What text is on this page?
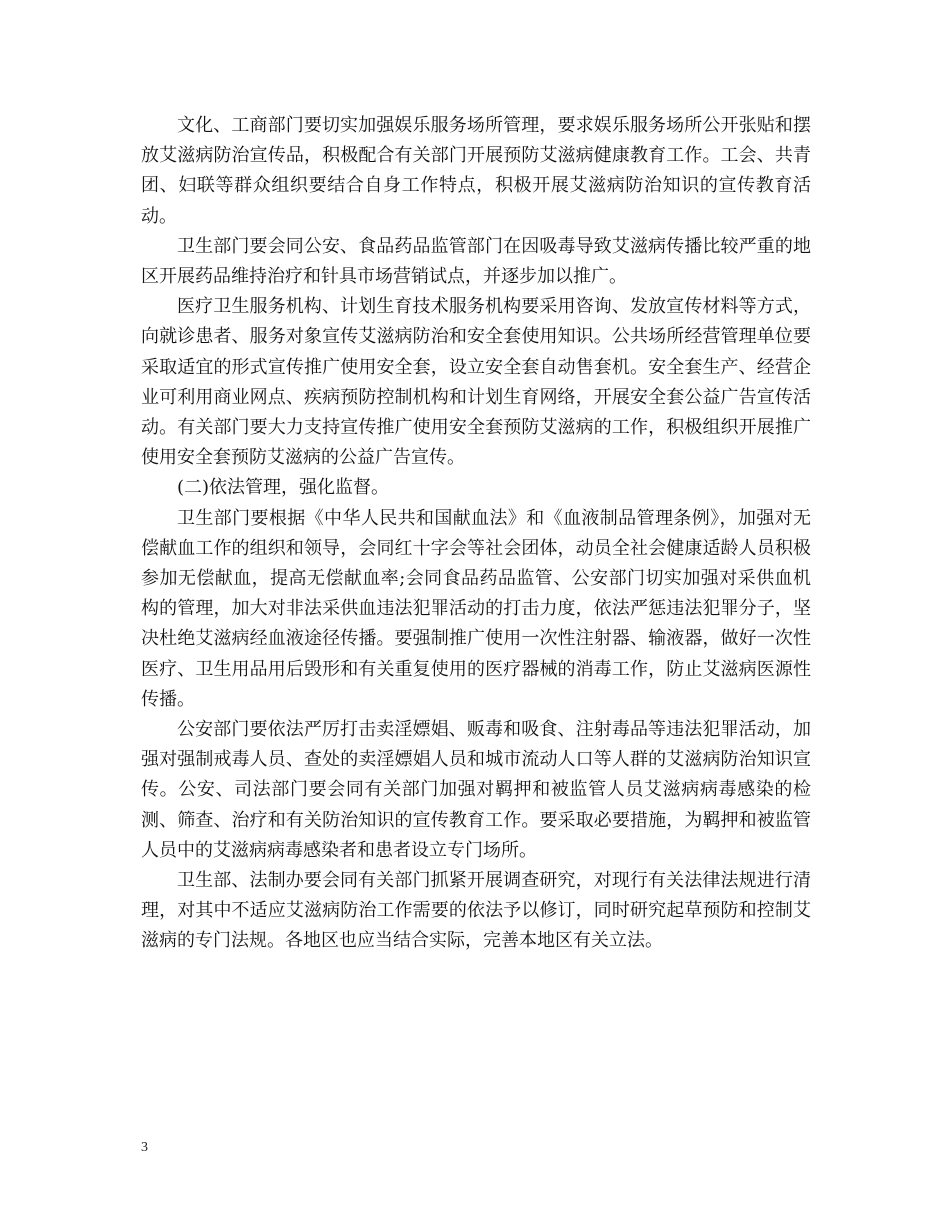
文化、工商部门要切实加强娱乐服务场所管理，要求娱乐服务场所公开张贴和摆放艾滋病防治宣传品，积极配合有关部门开展预防艾滋病健康教育工作。工会、共青团、妇联等群众组织要结合自身工作特点，积极开展艾滋病防治知识的宣传教育活动。

卫生部门要会同公安、食品药品监管部门在因吸毒导致艾滋病传播比较严重的地区开展药品维持治疗和针具市场营销试点，并逐步加以推广。

医疗卫生服务机构、计划生育技术服务机构要采用咨询、发放宣传材料等方式，向就诊患者、服务对象宣传艾滋病防治和安全套使用知识。公共场所经营管理单位要采取适宜的形式宣传推广使用安全套，设立安全套自动售套机。安全套生产、经营企业可利用商业网点、疾病预防控制机构和计划生育网络，开展安全套公益广告宣传活动。有关部门要大力支持宣传推广使用安全套预防艾滋病的工作，积极组织开展推广使用安全套预防艾滋病的公益广告宣传。

(二)依法管理，强化监督。

卫生部门要根据《中华人民共和国献血法》和《血液制品管理条例》，加强对无偿献血工作的组织和领导，会同红十字会等社会团体，动员全社会健康适龄人员积极参加无偿献血，提高无偿献血率;会同食品药品监管、公安部门切实加强对采供血机构的管理，加大对非法采供血违法犯罪活动的打击力度，依法严惩违法犯罪分子，坚决杜绝艾滋病经血液途径传播。要强制推广使用一次性注射器、输液器，做好一次性医疗、卫生用品用后毁形和有关重复使用的医疗器械的消毒工作，防止艾滋病医源性传播。

公安部门要依法严厉打击卖淫嫖娼、贩毒和吸食、注射毒品等违法犯罪活动，加强对强制戒毒人员、查处的卖淫嫖娼人员和城市流动人口等人群的艾滋病防治知识宣传。公安、司法部门要会同有关部门加强对羁押和被监管人员艾滋病病毒感染的检测、筛查、治疗和有关防治知识的宣传教育工作。要采取必要措施，为羁押和被监管人员中的艾滋病病毒感染者和患者设立专门场所。

卫生部、法制办要会同有关部门抓紧开展调查研究，对现行有关法律法规进行清理，对其中不适应艾滋病防治工作需要的依法予以修订，同时研究起草预防和控制艾滋病的专门法规。各地区也应当结合实际，完善本地区有关立法。

3
